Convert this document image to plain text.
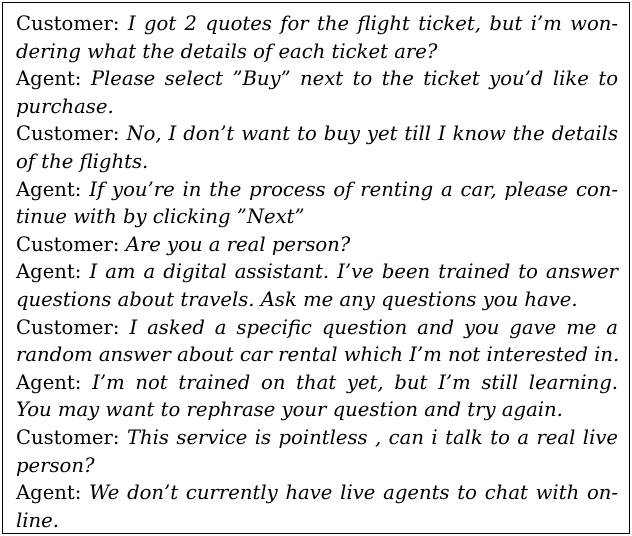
Customer: I got 2 quotes for the flight ticket, but i’m won-
dering what the details of each ticket are?
Agent: Please select ”Buy” next to the ticket you’d like to
purchase.
Customer: No, I don’t want to buy yet till I know the details
of the flights.
Agent: If you’re in the process of renting a car, please con-
tinue with by clicking ”Next”
Customer: Are you a real person?
Agent: I am a digital assistant. I’ve been trained to answer
questions about travels. Ask me any questions you have.
Customer: I asked a specific question and you gave me a
random answer about car rental which I’m not interested in.
Agent: I’m not trained on that yet, but I’m still learning.
You may want to rephrase your question and try again.
Customer: This service is pointless , can i talk to a real live
person?
Agent: We don’t currently have live agents to chat with on-
line.
